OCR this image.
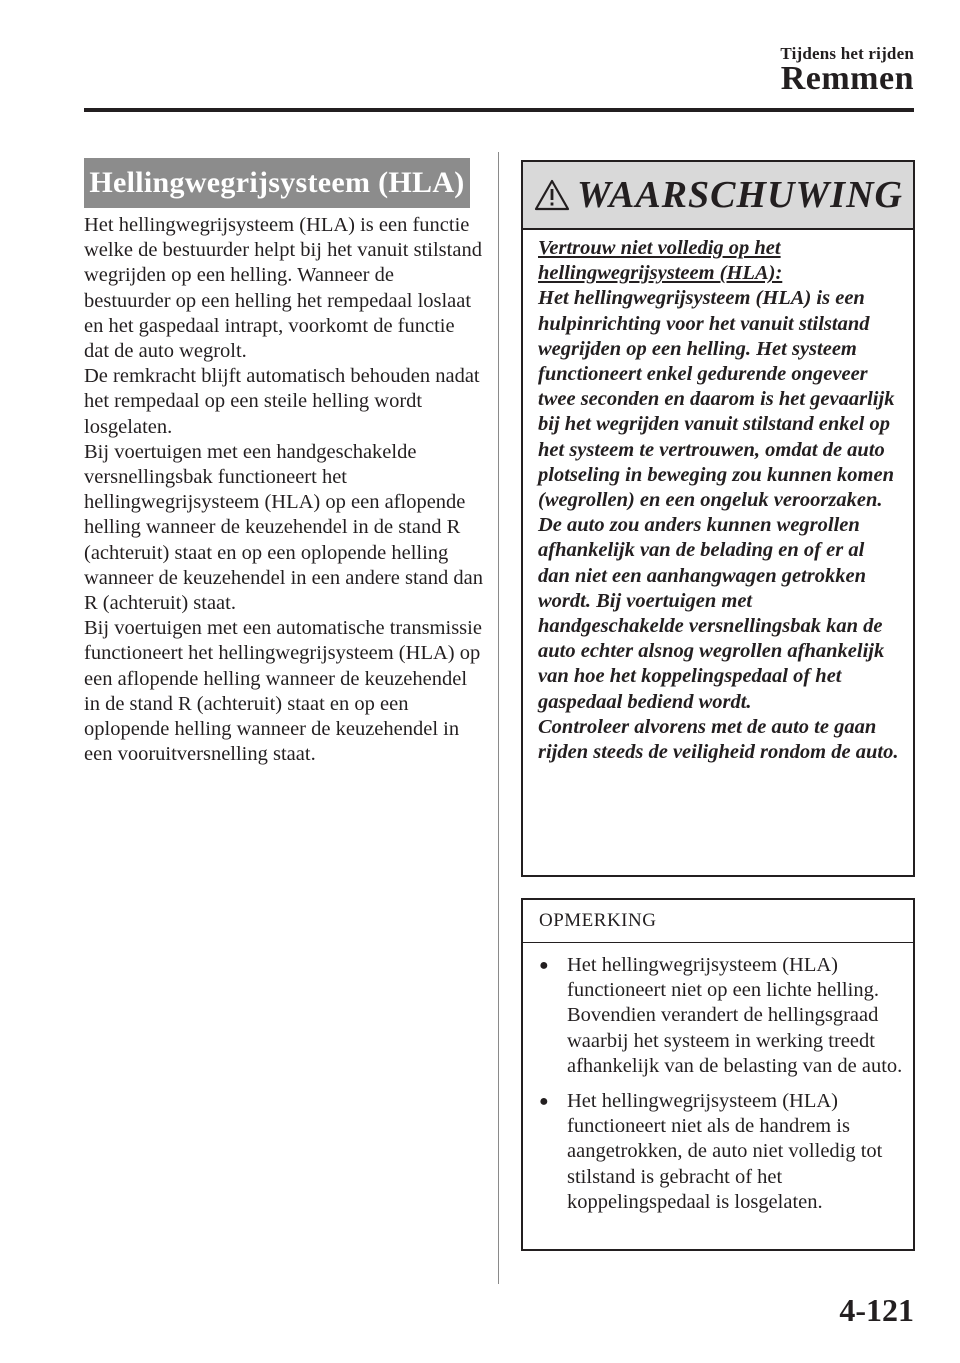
Tijdens het rijden
Remmen
Hellingwegrijsysteem (HLA)

Het hellingwegrijsysteem (HLA) is een functie welke de bestuurder helpt bij het vanuit stilstand wegrijden op een helling. Wanneer de bestuurder op een helling het rempedaal loslaat en het gaspedaal intrapt, voorkomt de functie dat de auto wegrolt.

De remkracht blijft automatisch behouden nadat het rempedaal op een steile helling wordt losgelaten.

Bij voertuigen met een handgeschakelde versnellingsbak functioneert het hellingwegrijsysteem (HLA) op een aflopende helling wanneer de keuzehendel in de stand R (achteruit) staat en op een oplopende helling wanneer de keuzehendel in een andere stand dan R (achteruit) staat.

Bij voertuigen met een automatische transmissie functioneert het hellingwegrijsysteem (HLA) op een aflopende helling wanneer de keuzehendel in de stand R (achteruit) staat en op een oplopende helling wanneer de keuzehendel in een vooruitversnelling staat.

WAARSCHUWING

Vertrouw niet volledig op het hellingwegrijsysteem (HLA):

Het hellingwegrijsysteem (HLA) is een hulpinrichting voor het vanuit stilstand wegrijden op een helling. Het systeem functioneert enkel gedurende ongeveer twee seconden en daarom is het gevaarlijk bij het wegrijden vanuit stilstand enkel op het systeem te vertrouwen, omdat de auto plotseling in beweging zou kunnen komen (wegrollen) en een ongeluk veroorzaken.

De auto zou anders kunnen wegrollen afhankelijk van de belading en of er al dan niet een aanhangwagen getrokken wordt. Bij voertuigen met handgeschakelde versnellingsbak kan de auto echter alsnog wegrollen afhankelijk van hoe het koppelingspedaal of het gaspedaal bediend wordt.

Controleer alvorens met de auto te gaan rijden steeds de veiligheid rondom de auto.

OPMERKING
● Het hellingwegrijsysteem (HLA) functioneert niet op een lichte helling. Bovendien verandert de hellingsgraad waarbij het systeem in werking treedt afhankelijk van de belasting van de auto.
● Het hellingwegrijsysteem (HLA) functioneert niet als de handrem is aangetrokken, de auto niet volledig tot stilstand is gebracht of het koppelingspedaal is losgelaten.
4-121
